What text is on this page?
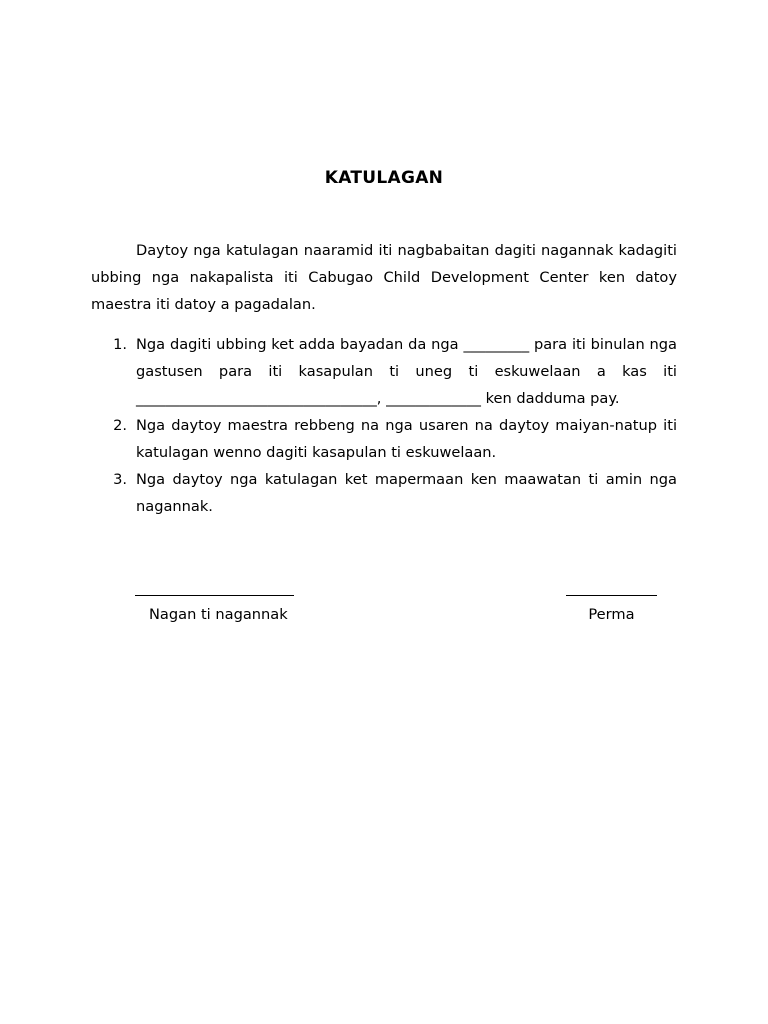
KATULAGAN

Daytoy nga katulagan naaramid iti nagbabaitan dagiti nagannak kadagiti ubbing nga nakapalista iti Cabugao Child Development Center ken datoy maestra iti datoy a pagadalan.

1. Nga dagiti ubbing ket adda bayadan da nga _________ para iti binulan nga gastusen para iti kasapulan ti uneg ti eskuwelaan a kas iti _________________________________, _____________ ken dadduma pay.
2. Nga daytoy maestra rebbeng na nga usaren na daytoy maiyan-natup iti katulagan wenno dagiti kasapulan ti eskuwelaan.
3. Nga daytoy nga katulagan ket mapermaan ken maawatan ti amin nga nagannak.
Nagan ti nagannak	Perma
